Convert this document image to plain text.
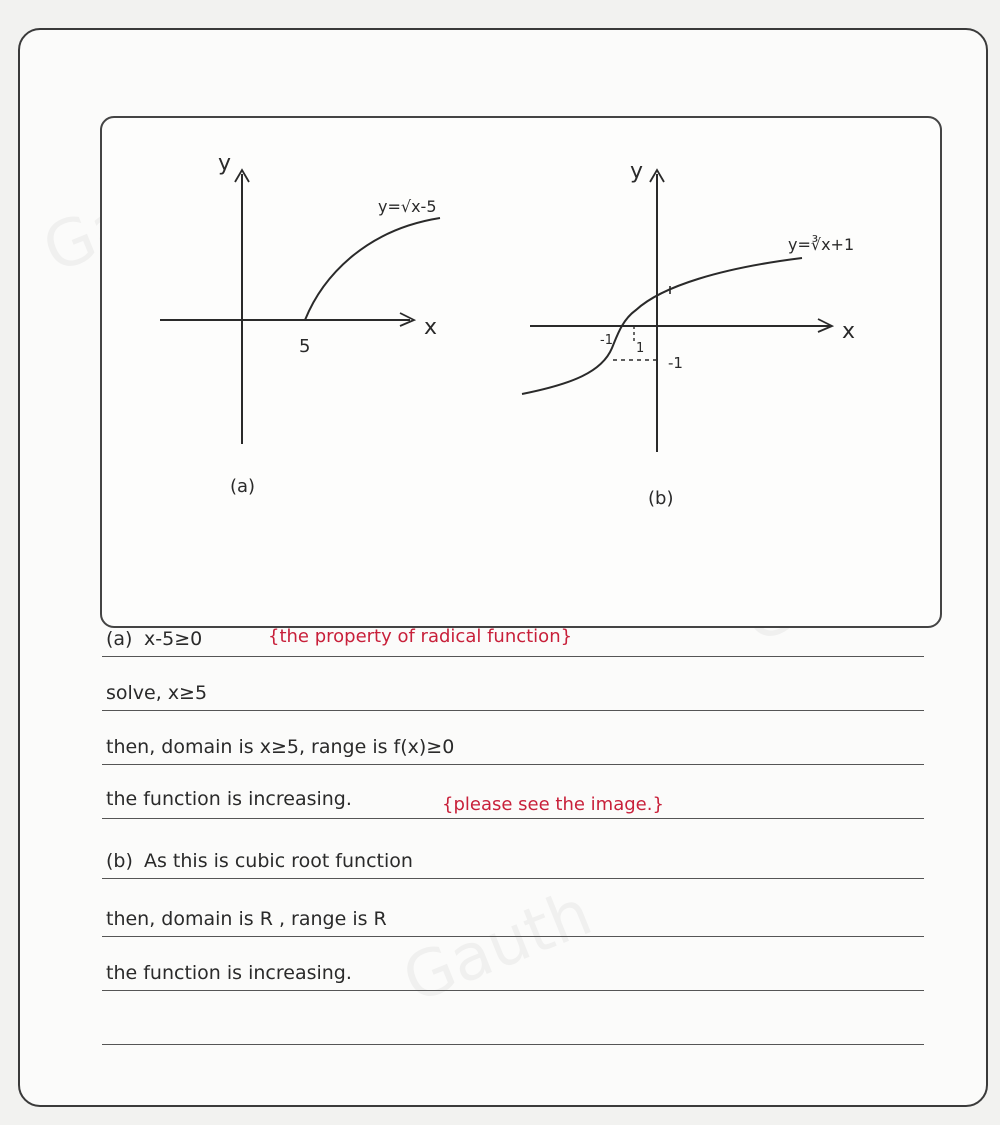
y
x
5
y=√x-5
(a)
y
x
-1
1
-1
y=∛x+1
(b)
(a) x-5≥0	{the property of radical function}
solve, x≥5
then, domain is x≥5, range is f(x)≥0
the function is increasing.	{please see the image.}
(b) As this is cubic root function
then, domain is R , range is R
the function is increasing.
